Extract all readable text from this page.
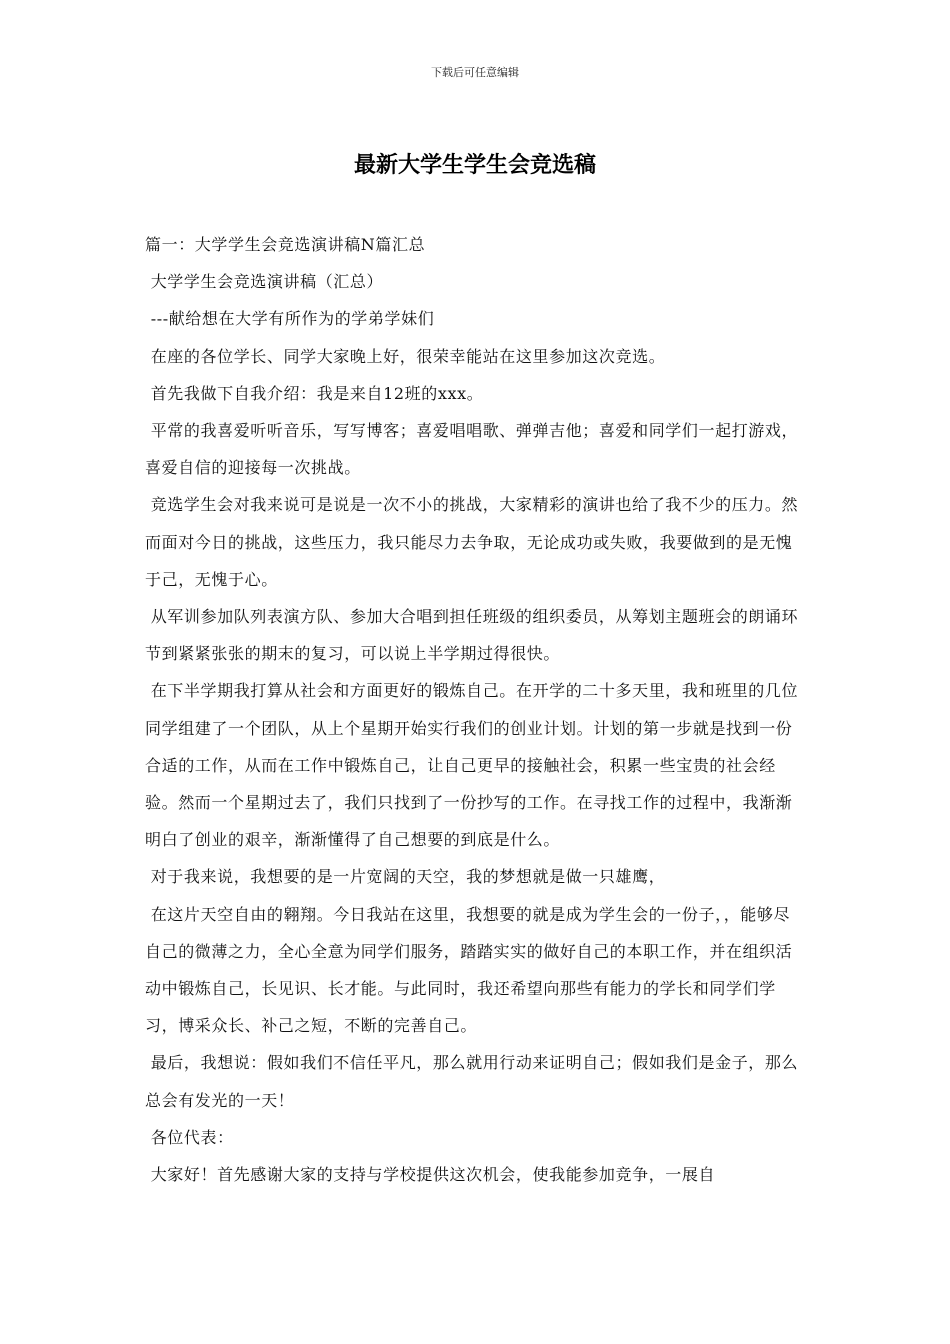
下载后可任意编辑
最新大学生学生会竞选稿

篇一：大学学生会竞选演讲稿N篇汇总

大学学生会竞选演讲稿（汇总）

---献给想在大学有所作为的学弟学妹们

在座的各位学长、同学大家晚上好，很荣幸能站在这里参加这次竞选。

首先我做下自我介绍：我是来自12班的xxx。

平常的我喜爱听听音乐，写写博客；喜爱唱唱歌、弹弹吉他；喜爱和同学们一起打游戏，喜爱自信的迎接每一次挑战。

竞选学生会对我来说可是说是一次不小的挑战，大家精彩的演讲也给了我不少的压力。然而面对今日的挑战，这些压力，我只能尽力去争取，无论成功或失败，我要做到的是无愧于己，无愧于心。

从军训参加队列表演方队、参加大合唱到担任班级的组织委员，从筹划主题班会的朗诵环节到紧紧张张的期末的复习，可以说上半学期过得很快。

在下半学期我打算从社会和方面更好的锻炼自己。在开学的二十多天里，我和班里的几位同学组建了一个团队，从上个星期开始实行我们的创业计划。计划的第一步就是找到一份合适的工作，从而在工作中锻炼自己，让自己更早的接触社会，积累一些宝贵的社会经验。然而一个星期过去了，我们只找到了一份抄写的工作。在寻找工作的过程中，我渐渐明白了创业的艰辛，渐渐懂得了自己想要的到底是什么。

对于我来说，我想要的是一片宽阔的天空，我的梦想就是做一只雄鹰，

在这片天空自由的翱翔。今日我站在这里，我想要的就是成为学生会的一份子，，能够尽自己的微薄之力，全心全意为同学们服务，踏踏实实的做好自己的本职工作，并在组织活动中锻炼自己，长见识、长才能。与此同时，我还希望向那些有能力的学长和同学们学习，博采众长、补己之短，不断的完善自己。

最后，我想说：假如我们不信任平凡，那么就用行动来证明自己；假如我们是金子，那么总会有发光的一天！

各位代表：

大家好！首先感谢大家的支持与学校提供这次机会，使我能参加竞争，一展自
